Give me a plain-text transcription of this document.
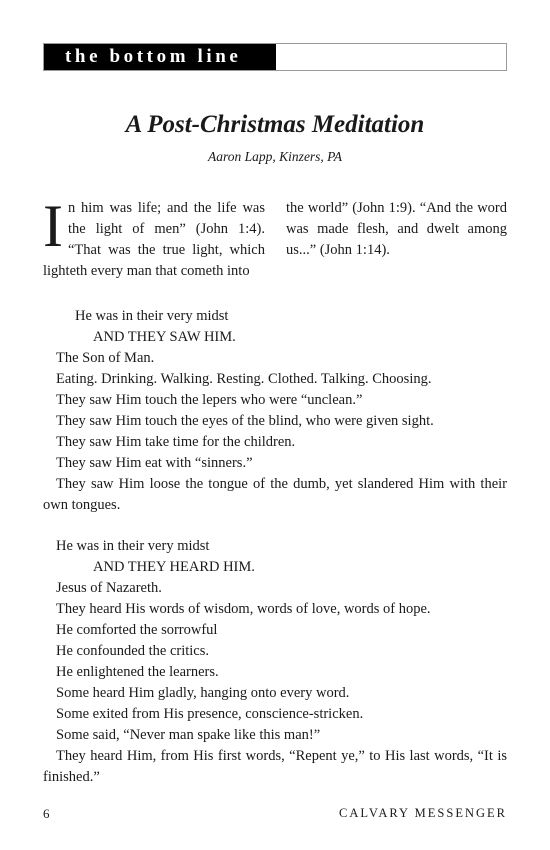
the bottom line
A Post-Christmas Meditation
Aaron Lapp, Kinzers, PA
In him was life; and the life was the light of men” (John 1:4). “That was the true light, which lighteth every man that cometh into
the world” (John 1:9). “And the word was made flesh, and dwelt among us...” (John 1:14).
He was in their very midst
AND THEY SAW HIM.
The Son of Man.
Eating. Drinking. Walking. Resting. Clothed. Talking. Choosing.
They saw Him touch the lepers who were “unclean.”
They saw Him touch the eyes of the blind, who were given sight.
They saw Him take time for the children.
They saw Him eat with “sinners.”
They saw Him loose the tongue of the dumb, yet slandered Him with their own tongues.
He was in their very midst
AND THEY HEARD HIM.
Jesus of Nazareth.
They heard His words of wisdom, words of love, words of hope.
He comforted the sorrowful
He confounded the critics.
He enlightened the learners.
Some heard Him gladly, hanging onto every word.
Some exited from His presence, conscience-stricken.
Some said, “Never man spake like this man!”
They heard Him, from His first words, “Repent ye,” to His last words, “It is finished.”
6	CALVARY MESSENGER
